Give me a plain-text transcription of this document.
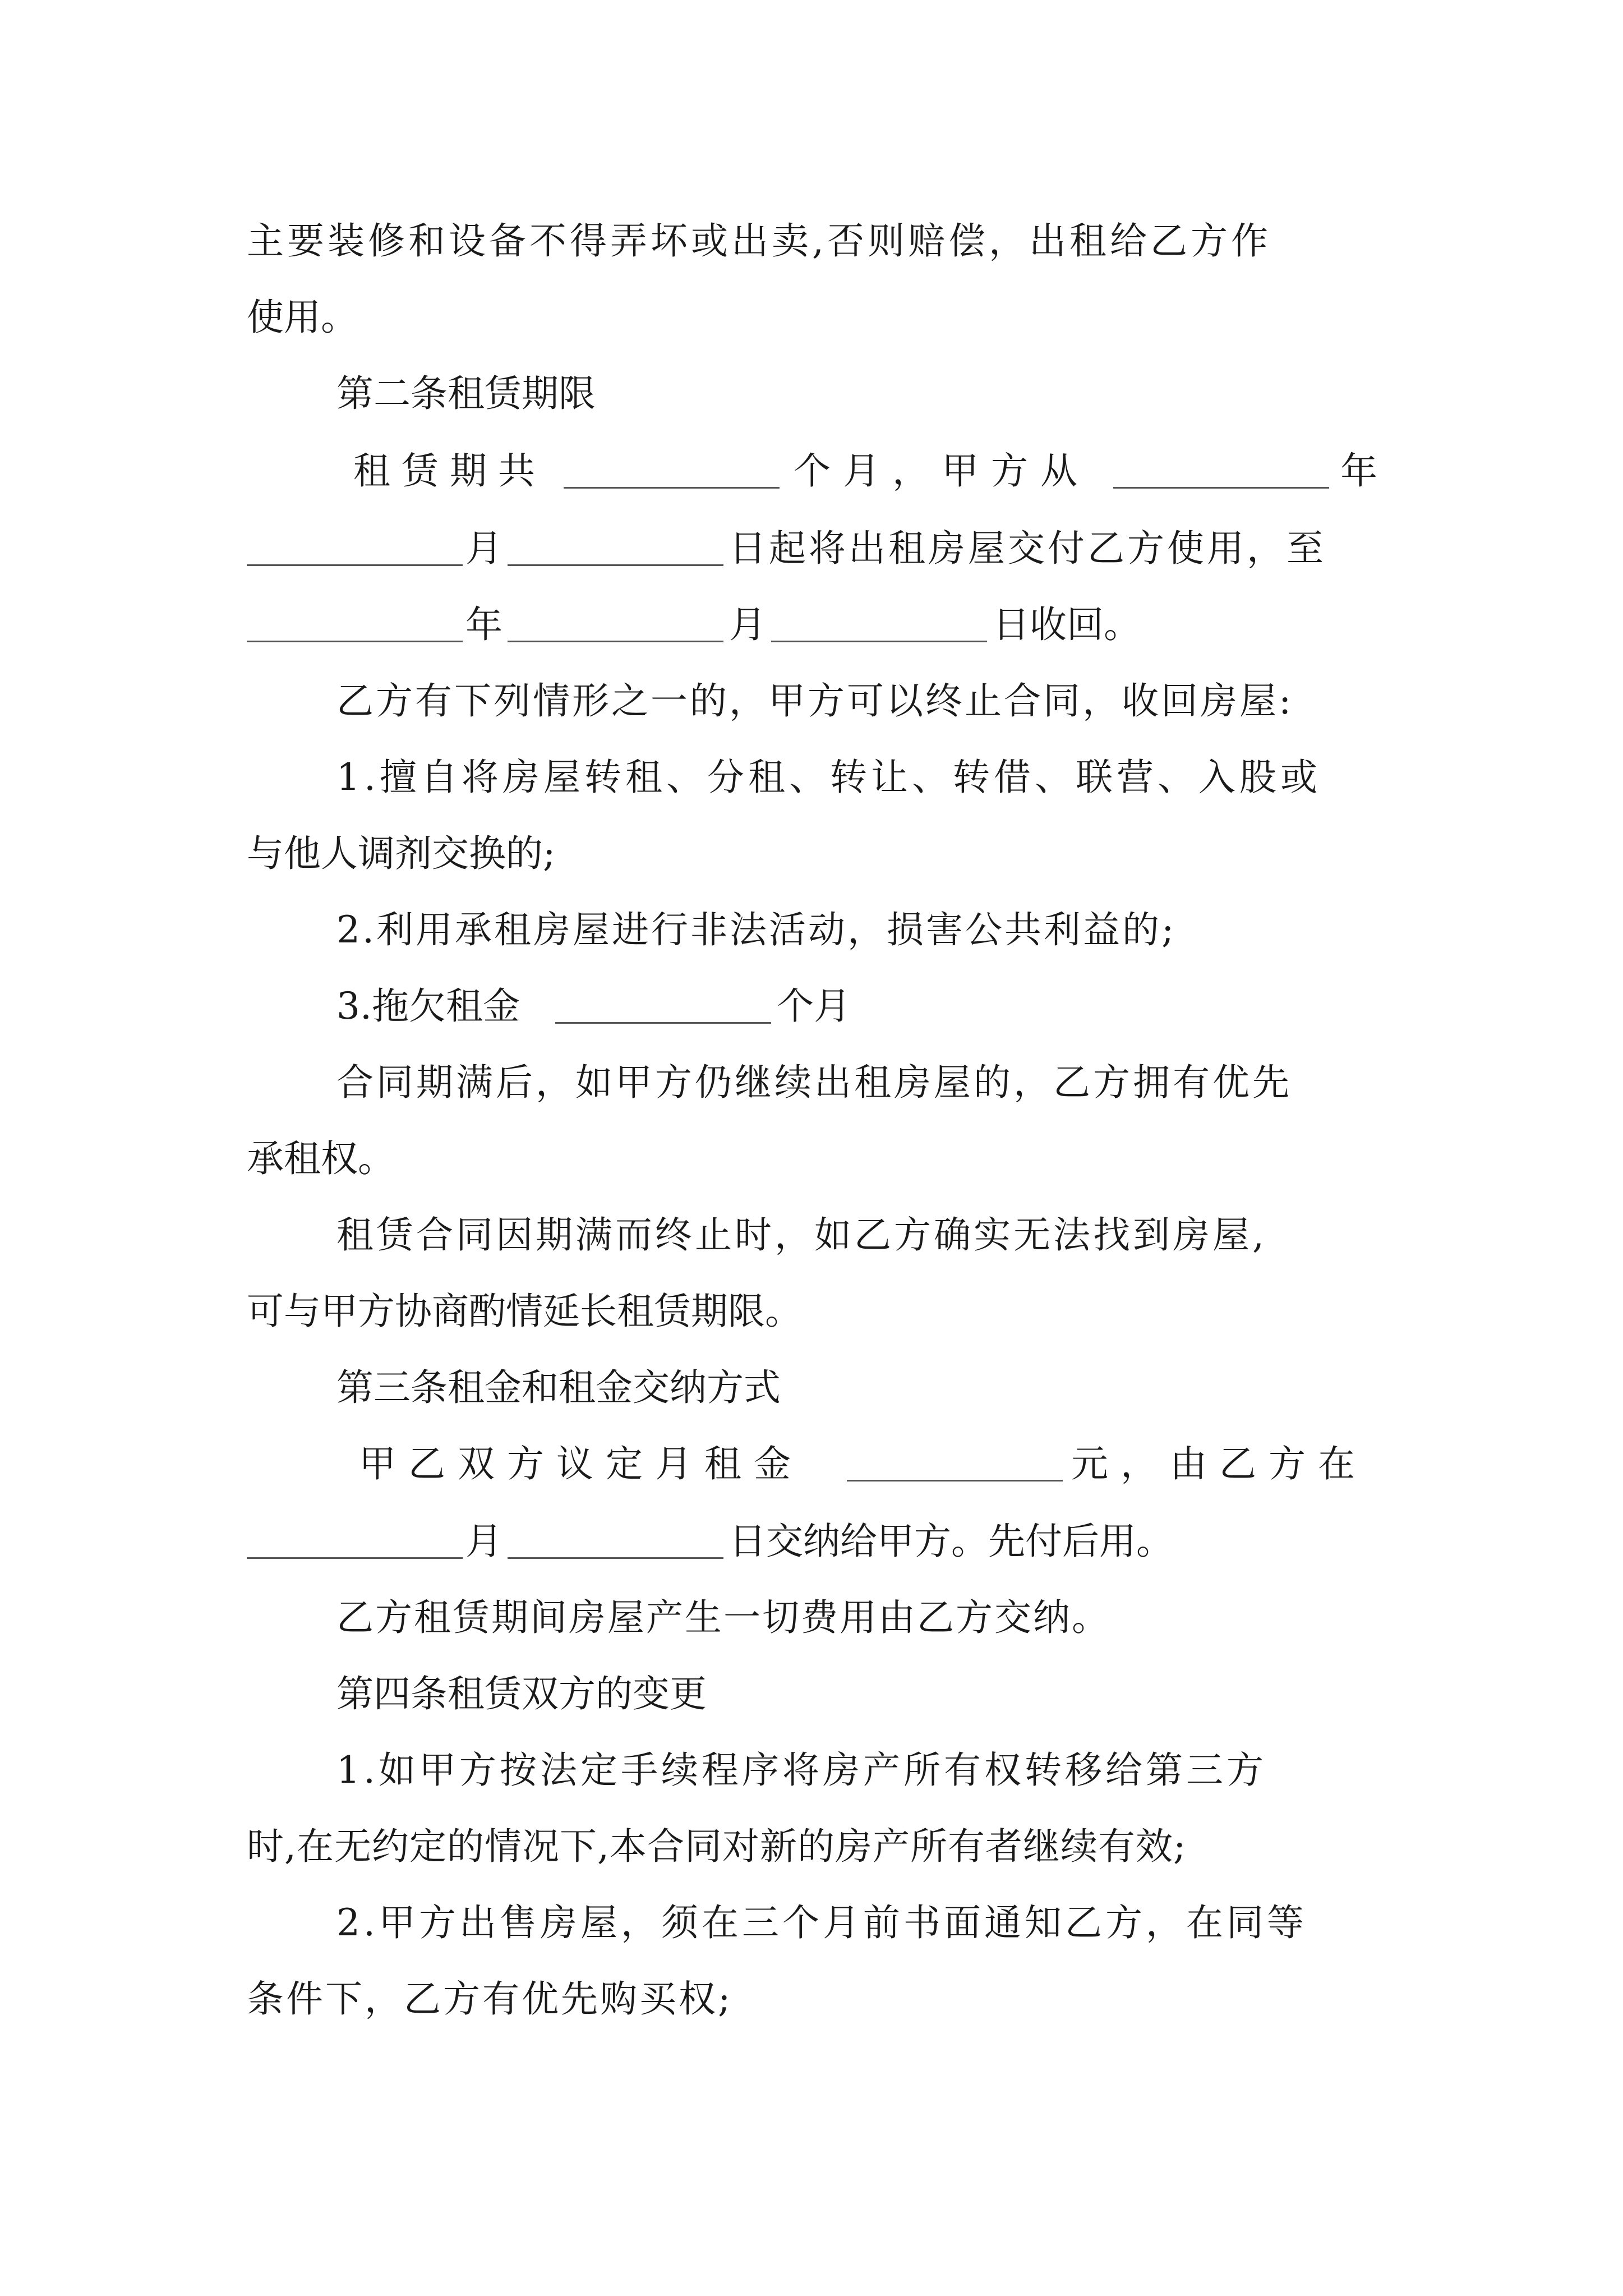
主要装修和设备不得弄坏或出卖,否则赔偿，出租给乙方作
使用。
第二条租赁期限
租赁期共	个月，甲方从	年
月	日起将出租房屋交付乙方使用，至
年	月	日收回。
乙方有下列情形之一的，甲方可以终止合同，收回房屋:
1.擅自将房屋转租、分租、转让、转借、联营、入股或
与他人调剂交换的;
2.利用承租房屋进行非法活动，损害公共利益的;
3.拖欠租金	个月
合同期满后，如甲方仍继续出租房屋的，乙方拥有优先
承租权。
租赁合同因期满而终止时，如乙方确实无法找到房屋,
可与甲方协商酌情延长租赁期限。
第三条租金和租金交纳方式
甲乙双方议定月租金	元，由乙方在
月	日交纳给甲方。先付后用。
乙方租赁期间房屋产生一切费用由乙方交纳。
第四条租赁双方的变更
1.如甲方按法定手续程序将房产所有权转移给第三方
时,在无约定的情况下,本合同对新的房产所有者继续有效;
2.甲方出售房屋，须在三个月前书面通知乙方，在同等
条件下，乙方有优先购买权;
